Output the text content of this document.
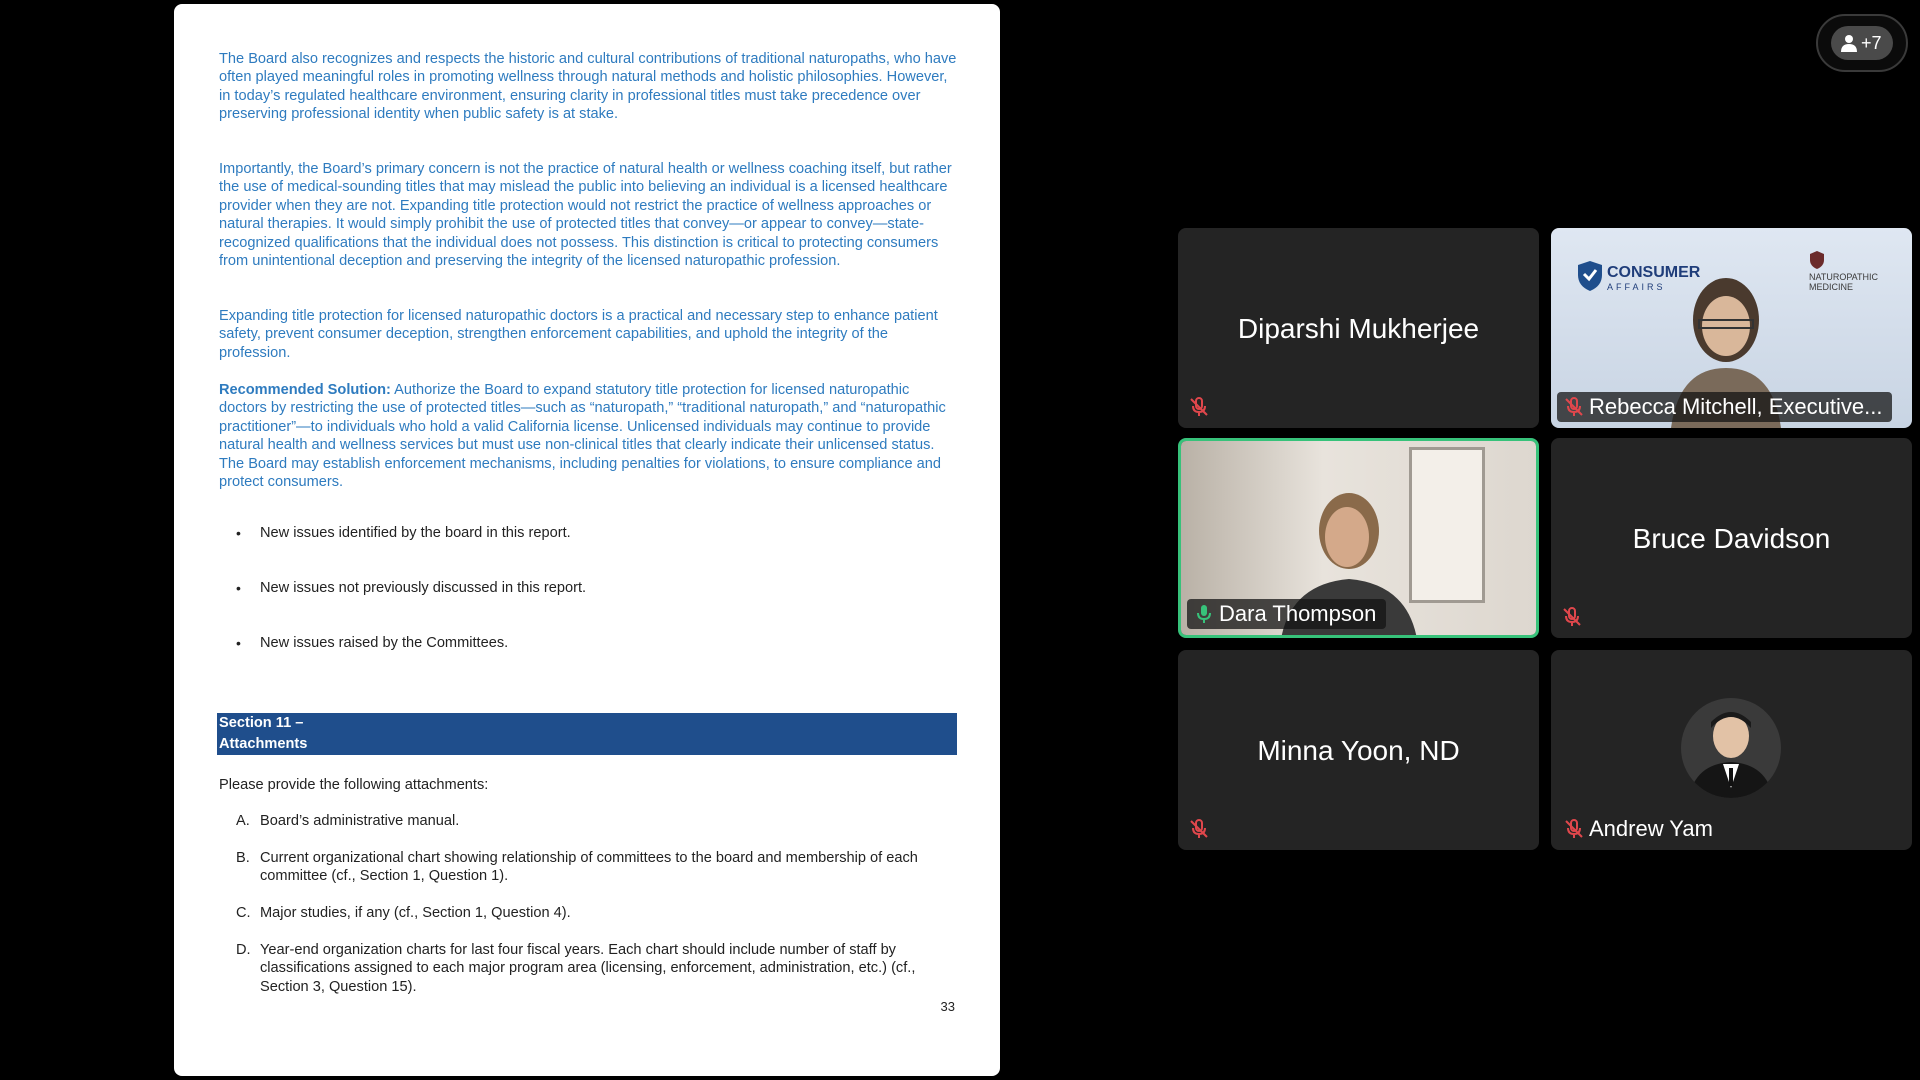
The Board also recognizes and respects the historic and cultural contributions of traditional naturopaths, who have often played meaningful roles in promoting wellness through natural methods and holistic philosophies. However, in today’s regulated healthcare environment, ensuring clarity in professional titles must take precedence over preserving professional identity when public safety is at stake.

Importantly, the Board’s primary concern is not the practice of natural health or wellness coaching itself, but rather the use of medical-sounding titles that may mislead the public into believing an individual is a licensed healthcare provider when they are not. Expanding title protection would not restrict the practice of wellness approaches or natural therapies. It would simply prohibit the use of protected titles that convey—or appear to convey—state-recognized qualifications that the individual does not possess. This distinction is critical to protecting consumers from unintentional deception and preserving the integrity of the licensed naturopathic profession.

Expanding title protection for licensed naturopathic doctors is a practical and necessary step to enhance patient safety, prevent consumer deception, strengthen enforcement capabilities, and uphold the integrity of the profession.

Recommended Solution: Authorize the Board to expand statutory title protection for licensed naturopathic doctors by restricting the use of protected titles—such as “naturopath,” “traditional naturopath,” and “naturopathic practitioner”—to individuals who hold a valid California license. Unlicensed individuals may continue to provide natural health and wellness services but must use non-clinical titles that clearly indicate their unlicensed status. The Board may establish enforcement mechanisms, including penalties for violations, to ensure compliance and protect consumers.

• New issues identified by the board in this report.
• New issues not previously discussed in this report.
• New issues raised by the Committees.
Section 11 –
Attachments
Please provide the following attachments:
A. Board’s administrative manual.
B. Current organizational chart showing relationship of committees to the board and membership of each committee (cf., Section 1, Question 1).
C. Major studies, if any (cf., Section 1, Question 4).
D. Year-end organization charts for last four fiscal years. Each chart should include number of staff by classifications assigned to each major program area (licensing, enforcement, administration, etc.) (cf., Section 3, Question 15).
33
+7
Diparshi Mukherjee
CONSUMER
AFFAIRS
NATUROPATHIC MEDICINE
Rebecca Mitchell, Executive...
Dara Thompson
Bruce Davidson
Minna Yoon, ND
Andrew Yam
